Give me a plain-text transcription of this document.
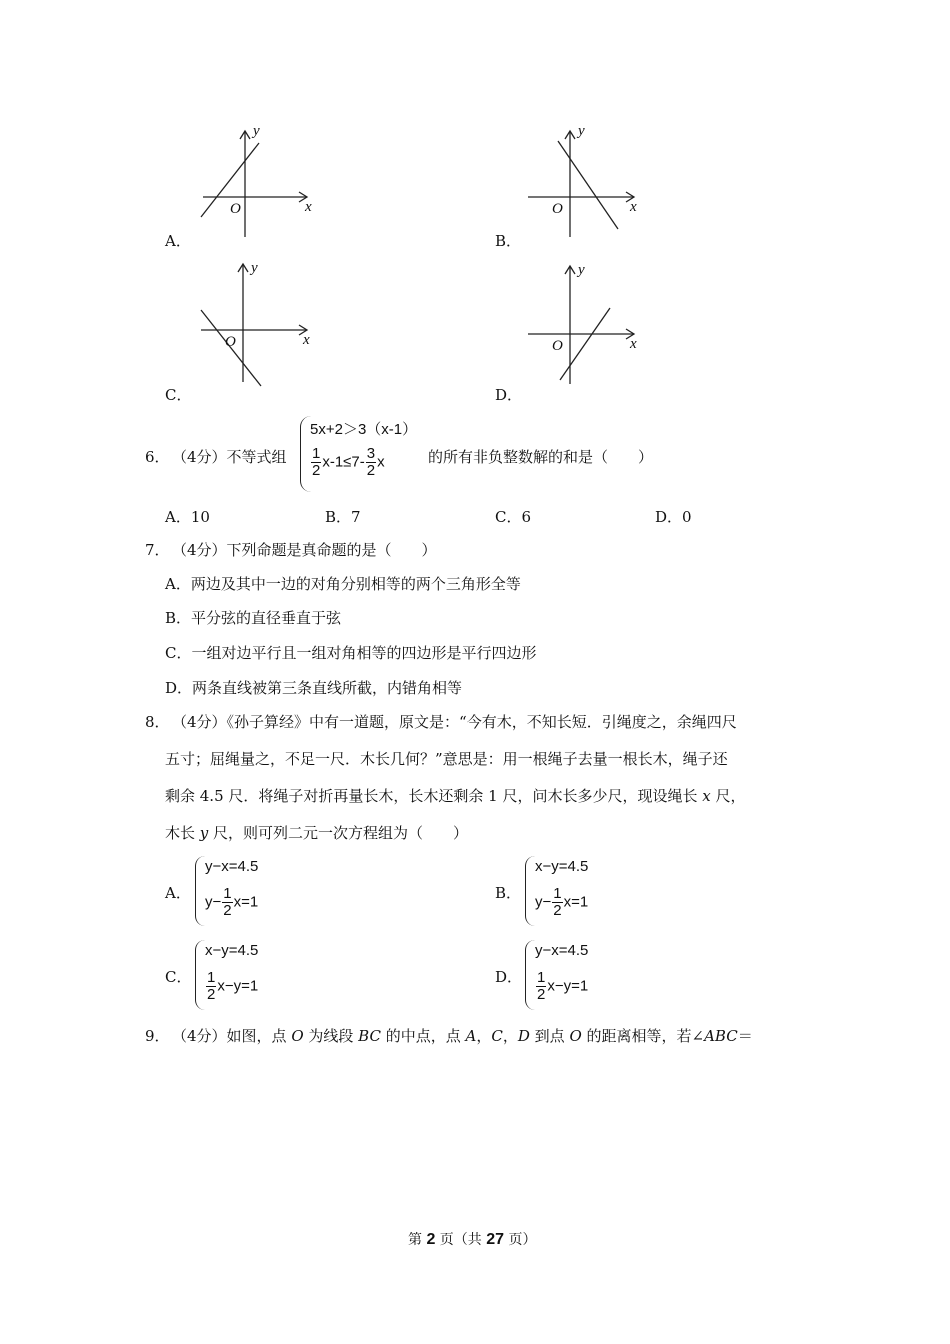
y
x
O
A．
y
x
O
B．
y
x
O
C．
y
x
O
D．
6． （4分）不等式组
5x+2＞3（x-1）
$\frac{1}{2} x-1\le 7- \frac{3}{2}$ x	的所有非负整数解的和是（　　）
A．10	B．7	C．6	D．0
7． （4分）下列命题是真命题的是（　　）
A．两边及其中一边的对角分别相等的两个三角形全等
B．平分弦的直径垂直于弦
C．一组对边平行且一组对角相等的四边形是平行四边形
D．两条直线被第三条直线所截，内错角相等
8． （4分）《孙子算经》中有一道题，原文是：“今有木，不知长短．引绳度之，余绳四尺
五寸；屈绳量之，不足一尺．木长几何？”意思是：用一根绳子去量一根长木，绳子还
剩余 4.5 尺．将绳子对折再量长木，长木还剩余 1 尺，问木长多少尺，现设绳长 x 尺，
木长 y 尺，则可列二元一次方程组为（　　）
A．
y−x=4.5
$y- \frac{1}{2} x=1$	B．
x−y=4.5
$y- \frac{1}{2} x=1$
C．
x−y=4.5
$\frac{1}{2} x-y=1$	D．
y−x=4.5
$\frac{1}{2} x-y=1$
9． （4分）如图，点 O 为线段 BC 的中点，点 A，C，D 到点 O 的距离相等，若∠ABC＝
第 2 页（共 27 页）
